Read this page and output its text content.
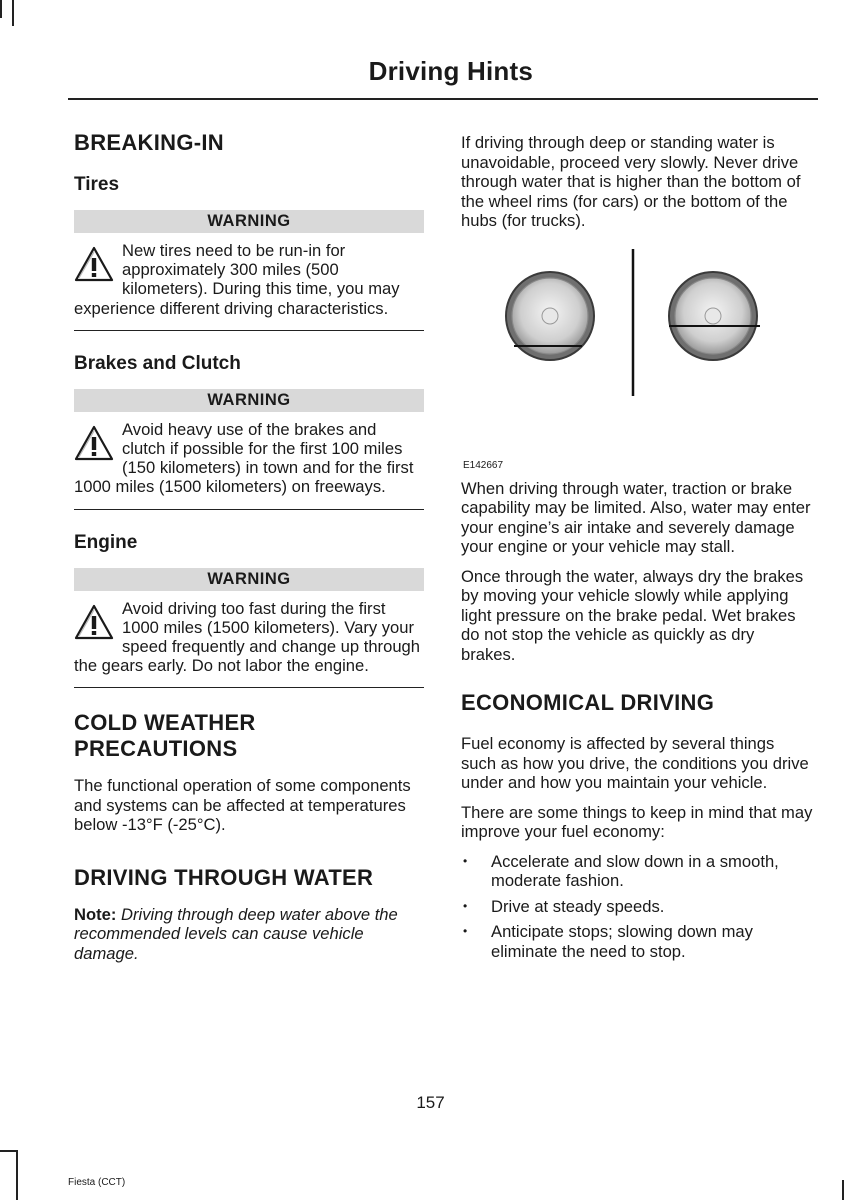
Driving Hints
BREAKING-IN
Tires
WARNING
New tires need to be run-in for approximately 300 miles (500 kilometers). During this time, you may experience different driving characteristics.
Brakes and Clutch
WARNING
Avoid heavy use of the brakes and clutch if possible for the first 100 miles (150 kilometers) in town and for the first 1000 miles (1500 kilometers) on freeways.
Engine
WARNING
Avoid driving too fast during the first 1000 miles (1500 kilometers). Vary your speed frequently and change up through the gears early. Do not labor the engine.
COLD WEATHER PRECAUTIONS

The functional operation of some components and systems can be affected at temperatures below -13°F (-25°C).

DRIVING THROUGH WATER

Note: Driving through deep water above the recommended levels can cause vehicle damage.

If driving through deep or standing water is unavoidable, proceed very slowly. Never drive through water that is higher than the bottom of the wheel rims (for cars) or the bottom of the hubs (for trucks).

E142667

When driving through water, traction or brake capability may be limited. Also, water may enter your engine’s air intake and severely damage your engine or your vehicle may stall.

Once through the water, always dry the brakes by moving your vehicle slowly while applying light pressure on the brake pedal. Wet brakes do not stop the vehicle as quickly as dry brakes.

ECONOMICAL DRIVING

Fuel economy is affected by several things such as how you drive, the conditions you drive under and how you maintain your vehicle.

There are some things to keep in mind that may improve your fuel economy:

• Accelerate and slow down in a smooth, moderate fashion.
• Drive at steady speeds.
• Anticipate stops; slowing down may eliminate the need to stop.
157
Fiesta (CCT)
